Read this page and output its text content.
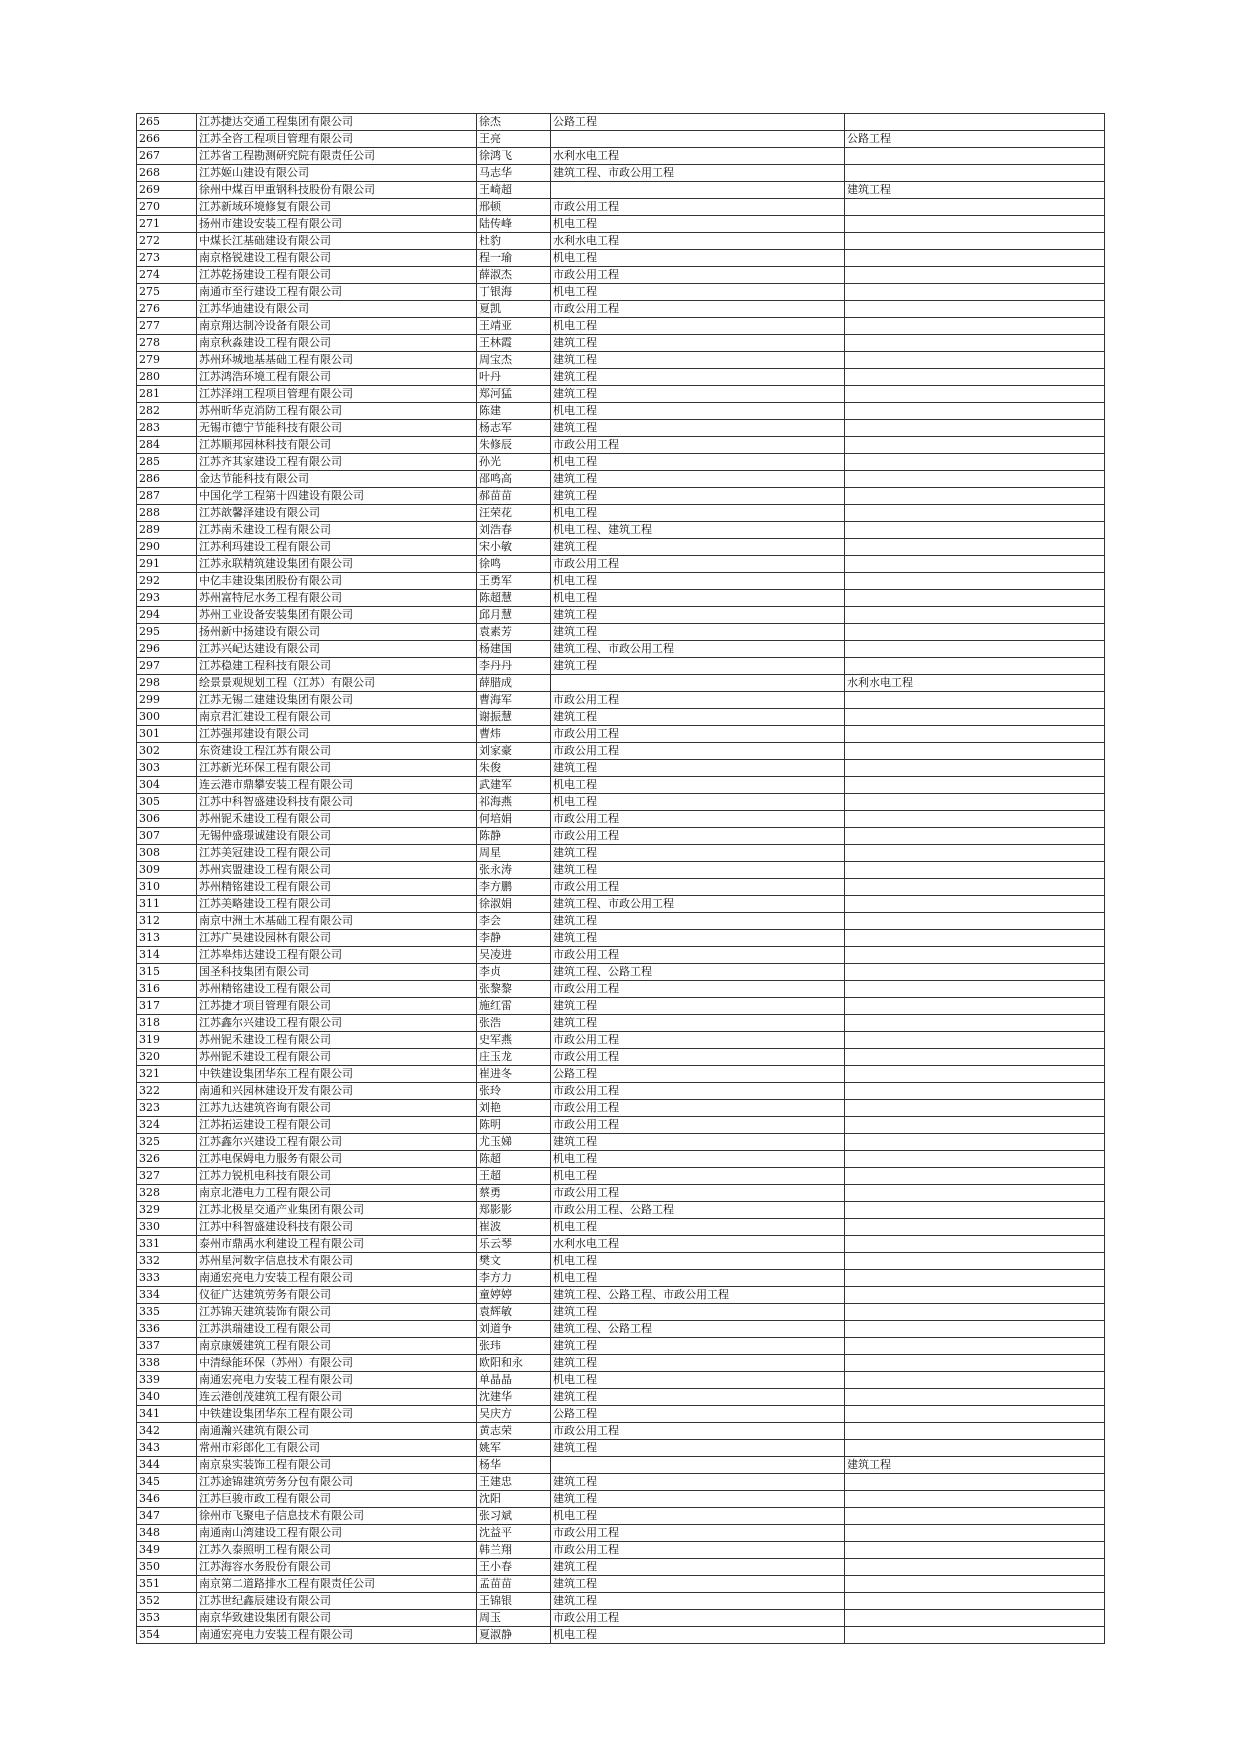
265	江苏捷达交通工程集团有限公司	徐杰	公路工程	
266	江苏全咨工程项目管理有限公司	王亮		公路工程
267	江苏省工程勘测研究院有限责任公司	徐鸿飞	水利水电工程	
268	江苏姬山建设有限公司	马志华	建筑工程、市政公用工程	
269	徐州中煤百甲重钢科技股份有限公司	王崎超		建筑工程
270	江苏新域环境修复有限公司	邢顿	市政公用工程	
271	扬州市建设安装工程有限公司	陆传峰	机电工程	
272	中煤长江基础建设有限公司	杜豹	水利水电工程	
273	南京格锐建设工程有限公司	程一瑜	机电工程	
274	江苏乾扬建设工程有限公司	薛淑杰	市政公用工程	
275	南通市至行建设工程有限公司	丁银海	机电工程	
276	江苏华迪建设有限公司	夏凯	市政公用工程	
277	南京翔达制冷设备有限公司	王靖亚	机电工程	
278	南京秋淼建设工程有限公司	王林霞	建筑工程	
279	苏州环城地基基础工程有限公司	周宝杰	建筑工程	
280	江苏鸿浩环境工程有限公司	叶丹	建筑工程	
281	江苏泽翊工程项目管理有限公司	郑河猛	建筑工程	
282	苏州昕华克消防工程有限公司	陈建	机电工程	
283	无锡市德宁节能科技有限公司	杨志军	建筑工程	
284	江苏顺邦园林科技有限公司	朱修辰	市政公用工程	
285	江苏齐其家建设工程有限公司	孙光	机电工程	
286	金达节能科技有限公司	邵鸣高	建筑工程	
287	中国化学工程第十四建设有限公司	郝苗苗	建筑工程	
288	江苏歆馨泽建设有限公司	汪荣花	机电工程	
289	江苏南禾建设工程有限公司	刘浩春	机电工程、建筑工程	
290	江苏利玛建设工程有限公司	宋小敏	建筑工程	
291	江苏永联精筑建设集团有限公司	徐鸣	市政公用工程	
292	中亿丰建设集团股份有限公司	王勇军	机电工程	
293	苏州富特尼水务工程有限公司	陈超慧	机电工程	
294	苏州工业设备安装集团有限公司	邱月慧	建筑工程	
295	扬州新中扬建设有限公司	袁素芳	建筑工程	
296	江苏兴屺达建设有限公司	杨建国	建筑工程、市政公用工程	
297	江苏稳建工程科技有限公司	李丹丹	建筑工程	
298	绘景景观规划工程（江苏）有限公司	薛腊成		水利水电工程
299	江苏无锡二建建设集团有限公司	曹海军	市政公用工程	
300	南京君汇建设工程有限公司	谢振慧	建筑工程	
301	江苏强邦建设有限公司	曹炜	市政公用工程	
302	东资建设工程江苏有限公司	刘家豪	市政公用工程	
303	江苏新光环保工程有限公司	朱俊	建筑工程	
304	连云港市鼎攀安装工程有限公司	武建军	机电工程	
305	江苏中科智盛建设科技有限公司	祁海燕	机电工程	
306	苏州铌禾建设工程有限公司	何培娟	市政公用工程	
307	无锡仲盛璟诚建设有限公司	陈静	市政公用工程	
308	江苏美冠建设工程有限公司	周星	建筑工程	
309	苏州宾盟建设工程有限公司	张永涛	建筑工程	
310	苏州精铭建设工程有限公司	李方鹏	市政公用工程	
311	江苏美略建设工程有限公司	徐淑娟	建筑工程、市政公用工程	
312	南京中洲土木基础工程有限公司	李会	建筑工程	
313	江苏广昊建设园林有限公司	李静	建筑工程	
314	江苏皋炜达建设工程有限公司	吴凌进	市政公用工程	
315	国圣科技集团有限公司	李贞	建筑工程、公路工程	
316	苏州精铭建设工程有限公司	张黎黎	市政公用工程	
317	江苏捷才项目管理有限公司	施红雷	建筑工程	
318	江苏鑫尔兴建设工程有限公司	张浩	建筑工程	
319	苏州铌禾建设工程有限公司	史军燕	市政公用工程	
320	苏州铌禾建设工程有限公司	庄玉龙	市政公用工程	
321	中铁建设集团华东工程有限公司	崔进冬	公路工程	
322	南通和兴园林建设开发有限公司	张玲	市政公用工程	
323	江苏九达建筑咨询有限公司	刘艳	市政公用工程	
324	江苏拓运建设工程有限公司	陈明	市政公用工程	
325	江苏鑫尔兴建设工程有限公司	尤玉娣	建筑工程	
326	江苏电保姆电力服务有限公司	陈超	机电工程	
327	江苏力锐机电科技有限公司	王超	机电工程	
328	南京北港电力工程有限公司	蔡勇	市政公用工程	
329	江苏北极星交通产业集团有限公司	郑影影	市政公用工程、公路工程	
330	江苏中科智盛建设科技有限公司	崔波	机电工程	
331	泰州市鼎禹水利建设工程有限公司	乐云琴	水利水电工程	
332	苏州星河数字信息技术有限公司	樊文	机电工程	
333	南通宏亮电力安装工程有限公司	李方力	机电工程	
334	仪征广达建筑劳务有限公司	童婷婷	建筑工程、公路工程、市政公用工程	
335	江苏锦天建筑装饰有限公司	袁辉敏	建筑工程	
336	江苏洪瑞建设工程有限公司	刘道争	建筑工程、公路工程	
337	南京康媛建筑工程有限公司	张玮	建筑工程	
338	中清绿能环保（苏州）有限公司	欧阳和永	建筑工程	
339	南通宏亮电力安装工程有限公司	单晶晶	机电工程	
340	连云港创茂建筑工程有限公司	沈建华	建筑工程	
341	中铁建设集团华东工程有限公司	吴庆方	公路工程	
342	南通瀚兴建筑有限公司	黄志荣	市政公用工程	
343	常州市彩郎化工有限公司	姚军	建筑工程	
344	南京泉实装饰工程有限公司	杨华		建筑工程
345	江苏途锦建筑劳务分包有限公司	王建忠	建筑工程	
346	江苏巨骏市政工程有限公司	沈阳	建筑工程	
347	徐州市飞聚电子信息技术有限公司	张习斌	机电工程	
348	南通南山湾建设工程有限公司	沈益平	市政公用工程	
349	江苏久泰照明工程有限公司	韩兰翔	市政公用工程	
350	江苏海容水务股份有限公司	王小春	建筑工程	
351	南京第二道路排水工程有限责任公司	孟苗苗	建筑工程	
352	江苏世纪鑫辰建设有限公司	王锦银	建筑工程	
353	南京华致建设集团有限公司	周玉	市政公用工程	
354	南通宏亮电力安装工程有限公司	夏淑静	机电工程	
